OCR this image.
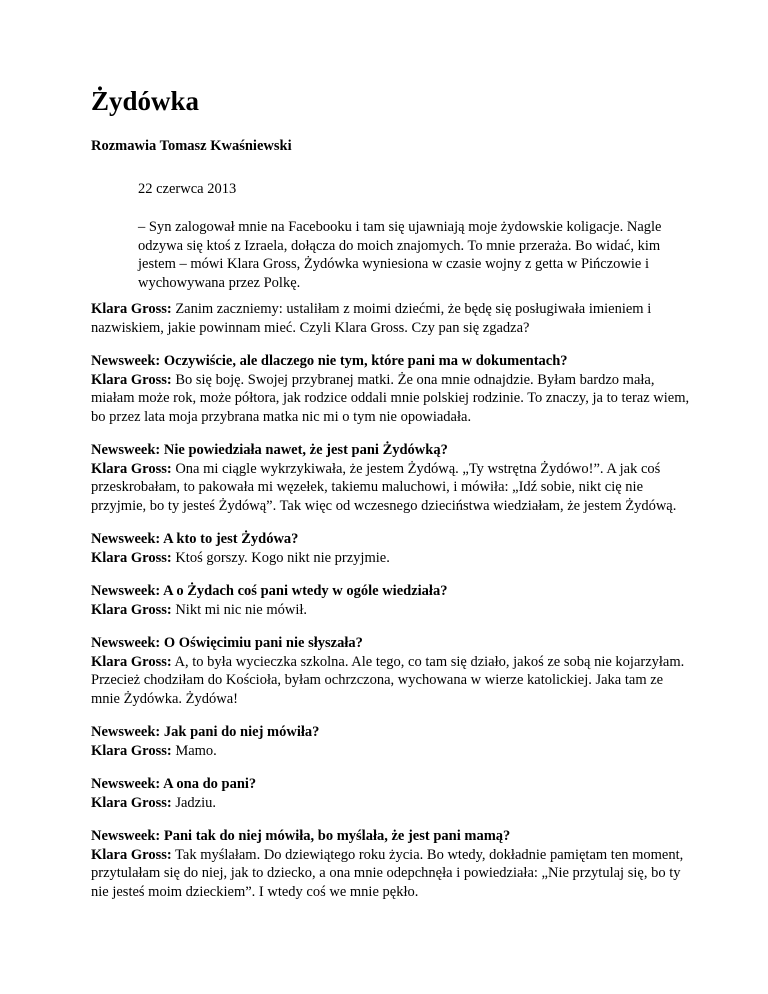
Żydówka

Rozmawia Tomasz Kwaśniewski

22 czerwca 2013

– Syn zalogował mnie na Facebooku i tam się ujawniają moje żydowskie koligacje. Nagle odzywa się ktoś z Izraela, dołącza do moich znajomych. To mnie przeraża. Bo widać, kim jestem – mówi Klara Gross, Żydówka wyniesiona w czasie wojny z getta w Pińczowie i wychowywana przez Polkę.

Klara Gross: Zanim zaczniemy: ustaliłam z moimi dziećmi, że będę się posługiwała imieniem i nazwiskiem, jakie powinnam mieć. Czyli Klara Gross. Czy pan się zgadza?

Newsweek: Oczywiście, ale dlaczego nie tym, które pani ma w dokumentach?
Klara Gross: Bo się boję. Swojej przybranej matki. Że ona mnie odnajdzie. Byłam bardzo mała, miałam może rok, może półtora, jak rodzice oddali mnie polskiej rodzinie. To znaczy, ja to teraz wiem, bo przez lata moja przybrana matka nic mi o tym nie opowiadała.

Newsweek: Nie powiedziała nawet, że jest pani Żydówką?
Klara Gross: Ona mi ciągle wykrzykiwała, że jestem Żydówą. „Ty wstrętna Żydówo!”. A jak coś przeskrobałam, to pakowała mi węzełek, takiemu maluchowi, i mówiła: „Idź sobie, nikt cię nie przyjmie, bo ty jesteś Żydówą”. Tak więc od wczesnego dzieciństwa wiedziałam, że jestem Żydówą.

Newsweek: A kto to jest Żydówa?
Klara Gross: Ktoś gorszy. Kogo nikt nie przyjmie.

Newsweek: A o Żydach coś pani wtedy w ogóle wiedziała?
Klara Gross: Nikt mi nic nie mówił.

Newsweek: O Oświęcimiu pani nie słyszała?
Klara Gross: A, to była wycieczka szkolna. Ale tego, co tam się działo, jakoś ze sobą nie kojarzyłam. Przecież chodziłam do Kościoła, byłam ochrzczona, wychowana w wierze katolickiej. Jaka tam ze mnie Żydówka. Żydówa!

Newsweek: Jak pani do niej mówiła?
Klara Gross: Mamo.

Newsweek: A ona do pani?
Klara Gross: Jadziu.

Newsweek: Pani tak do niej mówiła, bo myślała, że jest pani mamą?
Klara Gross: Tak myślałam. Do dziewiątego roku życia. Bo wtedy, dokładnie pamiętam ten moment, przytulałam się do niej, jak to dziecko, a ona mnie odepchnęła i powiedziała: „Nie przytulaj się, bo ty nie jesteś moim dzieckiem”. I wtedy coś we mnie pękło.
